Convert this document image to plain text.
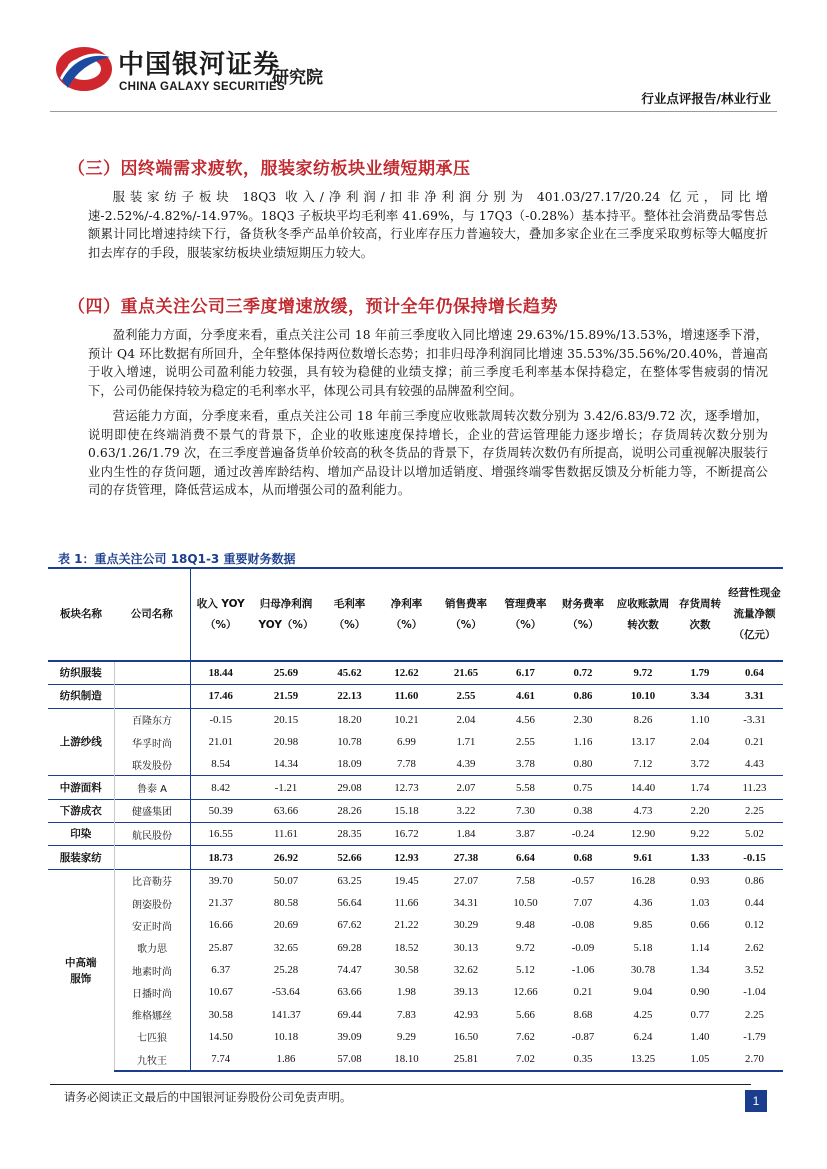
中国银河证券
CHINA GALAXY SECURITIES
研究院
行业点评报告/林业行业
（三）因终端需求疲软，服装家纺板块业绩短期承压

服装家纺子板块 18Q3 收入/净利润/扣非净利润分别为 401.03/27.17/20.24 亿元，同比增速-2.52%/-4.82%/-14.97%。18Q3 子板块平均毛利率 41.69%，与 17Q3（-0.28%）基本持平。整体社会消费品零售总额累计同比增速持续下行，备货秋冬季产品单价较高，行业库存压力普遍较大，叠加多家企业在三季度采取剪标等大幅度折扣去库存的手段，服装家纺板块业绩短期压力较大。

（四）重点关注公司三季度增速放缓，预计全年仍保持增长趋势

盈利能力方面，分季度来看，重点关注公司 18 年前三季度收入同比增速 29.63%/15.89%/13.53%，增速逐季下滑，预计 Q4 环比数据有所回升，全年整体保持两位数增长态势；扣非归母净利润同比增速 35.53%/35.56%/20.40%，普遍高于收入增速，说明公司盈利能力较强，具有较为稳健的业绩支撑；前三季度毛利率基本保持稳定，在整体零售疲弱的情况下，公司仍能保持较为稳定的毛利率水平，体现公司具有较强的品牌盈利空间。

营运能力方面，分季度来看，重点关注公司 18 年前三季度应收账款周转次数分别为 3.42/6.83/9.72 次，逐季增加，说明即使在终端消费不景气的背景下，企业的收账速度保持增长，企业的营运管理能力逐步增长；存货周转次数分别为 0.63/1.26/1.79 次，在三季度普遍备货单价较高的秋冬货品的背景下，存货周转次数仍有所提高，说明公司重视解决服装行业内生性的存货问题，通过改善库龄结构、增加产品设计以增加适销度、增强终端零售数据反馈及分析能力等，不断提高公司的存货管理，降低营运成本，从而增强公司的盈利能力。

表 1：重点关注公司 18Q1-3 重要财务数据
板块名称	公司名称	收入 YOY（%）	归母净利润 YOY（%）	毛利率（%）	净利率（%）	销售费率（%）	管理费率（%）	财务费率（%）	应收账款周转次数	存货周转次数	经营性现金流量净额（亿元）
纺织服装		18.44	25.69	45.62	12.62	21.65	6.17	0.72	9.72	1.79	0.64
纺织制造		17.46	21.59	22.13	11.60	2.55	4.61	0.86	10.10	3.34	3.31
上游纱线	百隆东方	-0.15	20.15	18.20	10.21	2.04	4.56	2.30	8.26	1.10	-3.31
	华孚时尚	21.01	20.98	10.78	6.99	1.71	2.55	1.16	13.17	2.04	0.21
	联发股份	8.54	14.34	18.09	7.78	4.39	3.78	0.80	7.12	3.72	4.43
中游面料	鲁泰 A	8.42	-1.21	29.08	12.73	2.07	5.58	0.75	14.40	1.74	11.23
下游成衣	健盛集团	50.39	63.66	28.26	15.18	3.22	7.30	0.38	4.73	2.20	2.25
印染	航民股份	16.55	11.61	28.35	16.72	1.84	3.87	-0.24	12.90	9.22	5.02
服装家纺		18.73	26.92	52.66	12.93	27.38	6.64	0.68	9.61	1.33	-0.15
中高端服饰	比音勒芬	39.70	50.07	63.25	19.45	27.07	7.58	-0.57	16.28	0.93	0.86
	朗姿股份	21.37	80.58	56.64	11.66	34.31	10.50	7.07	4.36	1.03	0.44
	安正时尚	16.66	20.69	67.62	21.22	30.29	9.48	-0.08	9.85	0.66	0.12
	歌力思	25.87	32.65	69.28	18.52	30.13	9.72	-0.09	5.18	1.14	2.62
	地素时尚	6.37	25.28	74.47	30.58	32.62	5.12	-1.06	30.78	1.34	3.52
	日播时尚	10.67	-53.64	63.66	1.98	39.13	12.66	0.21	9.04	0.90	-1.04
	维格娜丝	30.58	141.37	69.44	7.83	42.93	5.66	8.68	4.25	0.77	2.25
	七匹狼	14.50	10.18	39.09	9.29	16.50	7.62	-0.87	6.24	1.40	-1.79
	九牧王	7.74	1.86	57.08	18.10	25.81	7.02	0.35	13.25	1.05	2.70
请务必阅读正文最后的中国银河证券股份公司免责声明。	1
